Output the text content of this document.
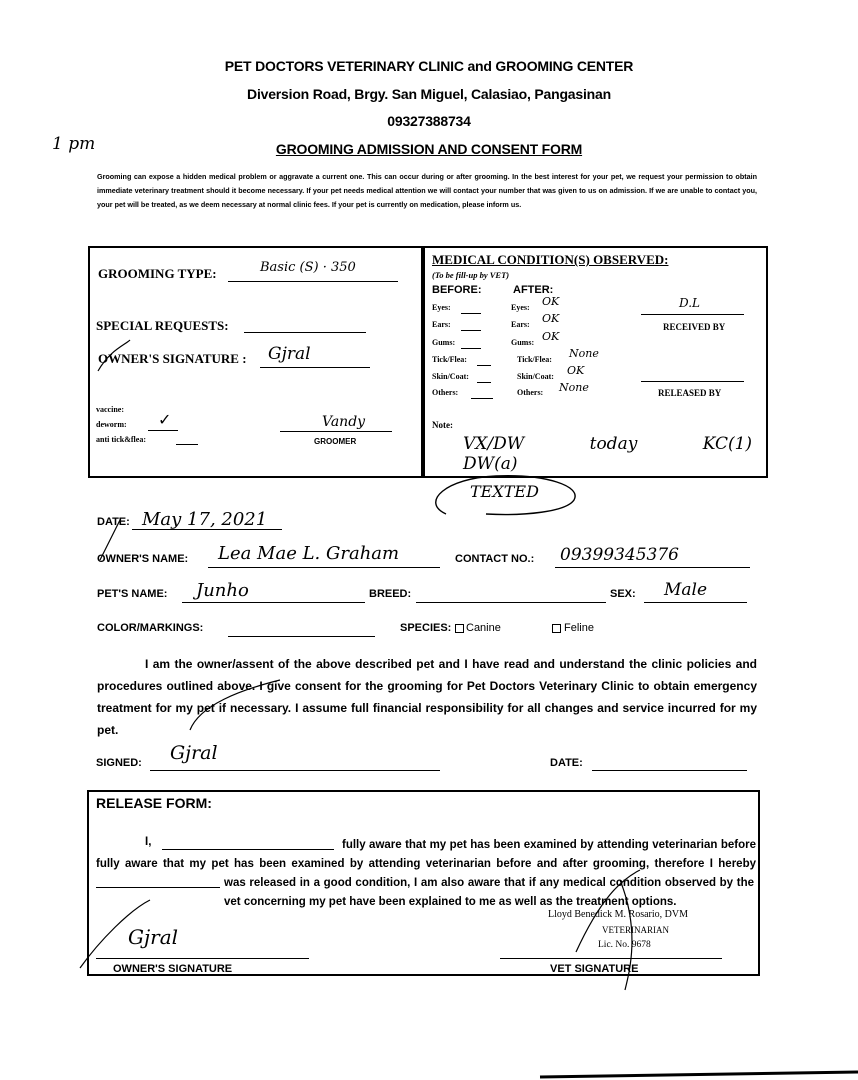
1 pm
PET DOCTORS VETERINARY CLINIC and GROOMING CENTER
Diversion Road, Brgy. San Miguel, Calasiao, Pangasinan
09327388734
GROOMING ADMISSION AND CONSENT FORM
Grooming can expose a hidden medical problem or aggravate a current one. This can occur during or after grooming. In the best interest for your pet, we request your permission to obtain immediate veterinary treatment should it become necessary. If your pet needs medical attention we will contact your number that was given to us on admission. If we are unable to contact you, your pet will be treated, as we deem necessary at normal clinic fees. If your pet is currently on medication, please inform us.
GROOMING TYPE:	Basic (S) · 350
SPECIAL REQUESTS:
OWNER'S SIGNATURE : Gjral
vaccine:
deworm: ✓
anti tick&flea:
Vandy
GROOMER
MEDICAL CONDITION(S) OBSERVED:
(To be fill-up by VET)
BEFORE:	AFTER:
Eyes:	Eyes: OK
Ears:	Ears: OK
Gums:	Gums: OK
Tick/Flea:	Tick/Flea: None
Skin/Coat:	Skin/Coat: OK
Others:	Others: None
D.L
RECEIVED BY
RELEASED BY
Note:
VX/DW today KC(1) DW(a)
TEXTED
DATE: May 17, 2021
OWNER'S NAME: Lea Mae L. Graham	CONTACT NO.: 09399345376
PET'S NAME: Junho	BREED:	SEX: Male
COLOR/MARKINGS:	SPECIES: Canine	Feline
I am the owner/assent of the above described pet and I have read and understand the clinic policies and procedures outlined above. I give consent for the grooming for Pet Doctors Veterinary Clinic to obtain emergency treatment for my pet if necessary. I assume full financial responsibility for all changes and service incurred for my pet.
SIGNED: Gjral	DATE:
RELEASE FORM:
I,	fully aware that my pet has been examined by attending veterinarian before
fully aware that my pet has been examined by attending veterinarian before and after grooming, therefore I hereby
was released in a good condition, I am also aware that if any medical condition observed by the vet concerning my pet have been explained to me as well as the treatment options.
Lloyd Benedick M. Rosario, DVM
VETERINARIAN
Lic. No. 9678
Gjral
OWNER'S SIGNATURE	VET SIGNATURE
